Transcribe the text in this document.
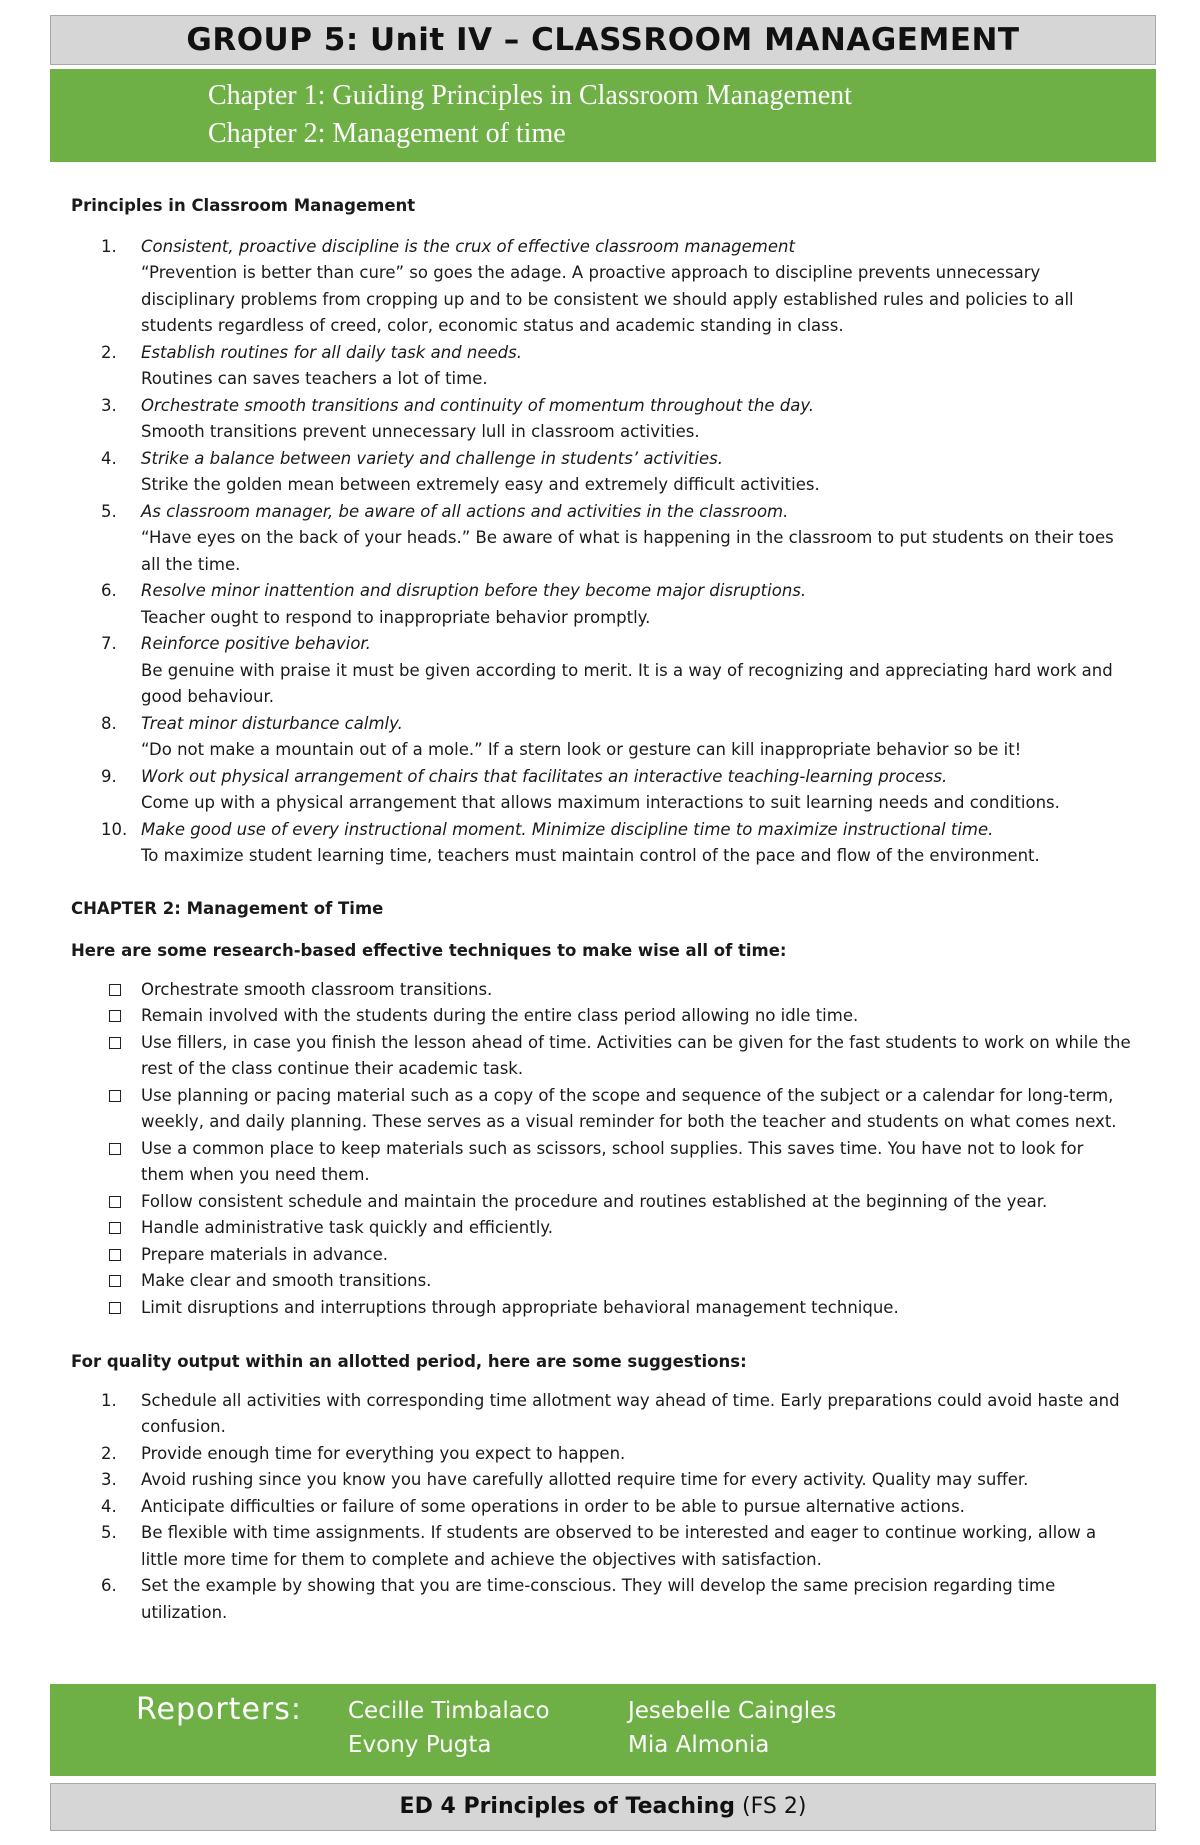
GROUP 5: Unit IV – CLASSROOM MANAGEMENT
Chapter 1: Guiding Principles in Classroom Management
Chapter 2: Management of time
Principles in Classroom Management
1.	Consistent, proactive discipline is the crux of effective classroom management
“Prevention is better than cure” so goes the adage. A proactive approach to discipline prevents unnecessary disciplinary problems from cropping up and to be consistent we should apply established rules and policies to all students regardless of creed, color, economic status and academic standing in class.
2.	Establish routines for all daily task and needs.
Routines can saves teachers a lot of time.
3.	Orchestrate smooth transitions and continuity of momentum throughout the day.
Smooth transitions prevent unnecessary lull in classroom activities.
4.	Strike a balance between variety and challenge in students’ activities.
Strike the golden mean between extremely easy and extremely difficult activities.
5.	As classroom manager, be aware of all actions and activities in the classroom.
“Have eyes on the back of your heads.” Be aware of what is happening in the classroom to put students on their toes all the time.
6.	Resolve minor inattention and disruption before they become major disruptions.
Teacher ought to respond to inappropriate behavior promptly.
7.	Reinforce positive behavior.
Be genuine with praise it must be given according to merit. It is a way of recognizing and appreciating hard work and good behaviour.
8.	Treat minor disturbance calmly.
“Do not make a mountain out of a mole.” If a stern look or gesture can kill inappropriate behavior so be it!
9.	Work out physical arrangement of chairs that facilitates an interactive teaching-learning process.
Come up with a physical arrangement that allows maximum interactions to suit learning needs and conditions.
10. Make good use of every instructional moment. Minimize discipline time to maximize instructional time.
To maximize student learning time, teachers must maintain control of the pace and flow of the environment.
CHAPTER 2: Management of Time
Here are some research-based effective techniques to make wise all of time:
Orchestrate smooth classroom transitions.
Remain involved with the students during the entire class period allowing no idle time.
Use fillers, in case you finish the lesson ahead of time. Activities can be given for the fast students to work on while the rest of the class continue their academic task.
Use planning or pacing material such as a copy of the scope and sequence of the subject or a calendar for long-term, weekly, and daily planning. These serves as a visual reminder for both the teacher and students on what comes next.
Use a common place to keep materials such as scissors, school supplies. This saves time. You have not to look for them when you need them.
Follow consistent schedule and maintain the procedure and routines established at the beginning of the year.
Handle administrative task quickly and efficiently.
Prepare materials in advance.
Make clear and smooth transitions.
Limit disruptions and interruptions through appropriate behavioral management technique.
For quality output within an allotted period, here are some suggestions:
1.	Schedule all activities with corresponding time allotment way ahead of time. Early preparations could avoid haste and confusion.
2.	Provide enough time for everything you expect to happen.
3.	Avoid rushing since you know you have carefully allotted require time for every activity. Quality may suffer.
4.	Anticipate difficulties or failure of some operations in order to be able to pursue alternative actions.
5.	Be flexible with time assignments. If students are observed to be interested and eager to continue working, allow a little more time for them to complete and achieve the objectives with satisfaction.
6.	Set the example by showing that you are time-conscious. They will develop the same precision regarding time utilization.
Reporters: Cecille Timbalaco	Jesebelle Caingles
Evony Pugta	Mia Almonia
ED 4 Principles of Teaching (FS 2)
